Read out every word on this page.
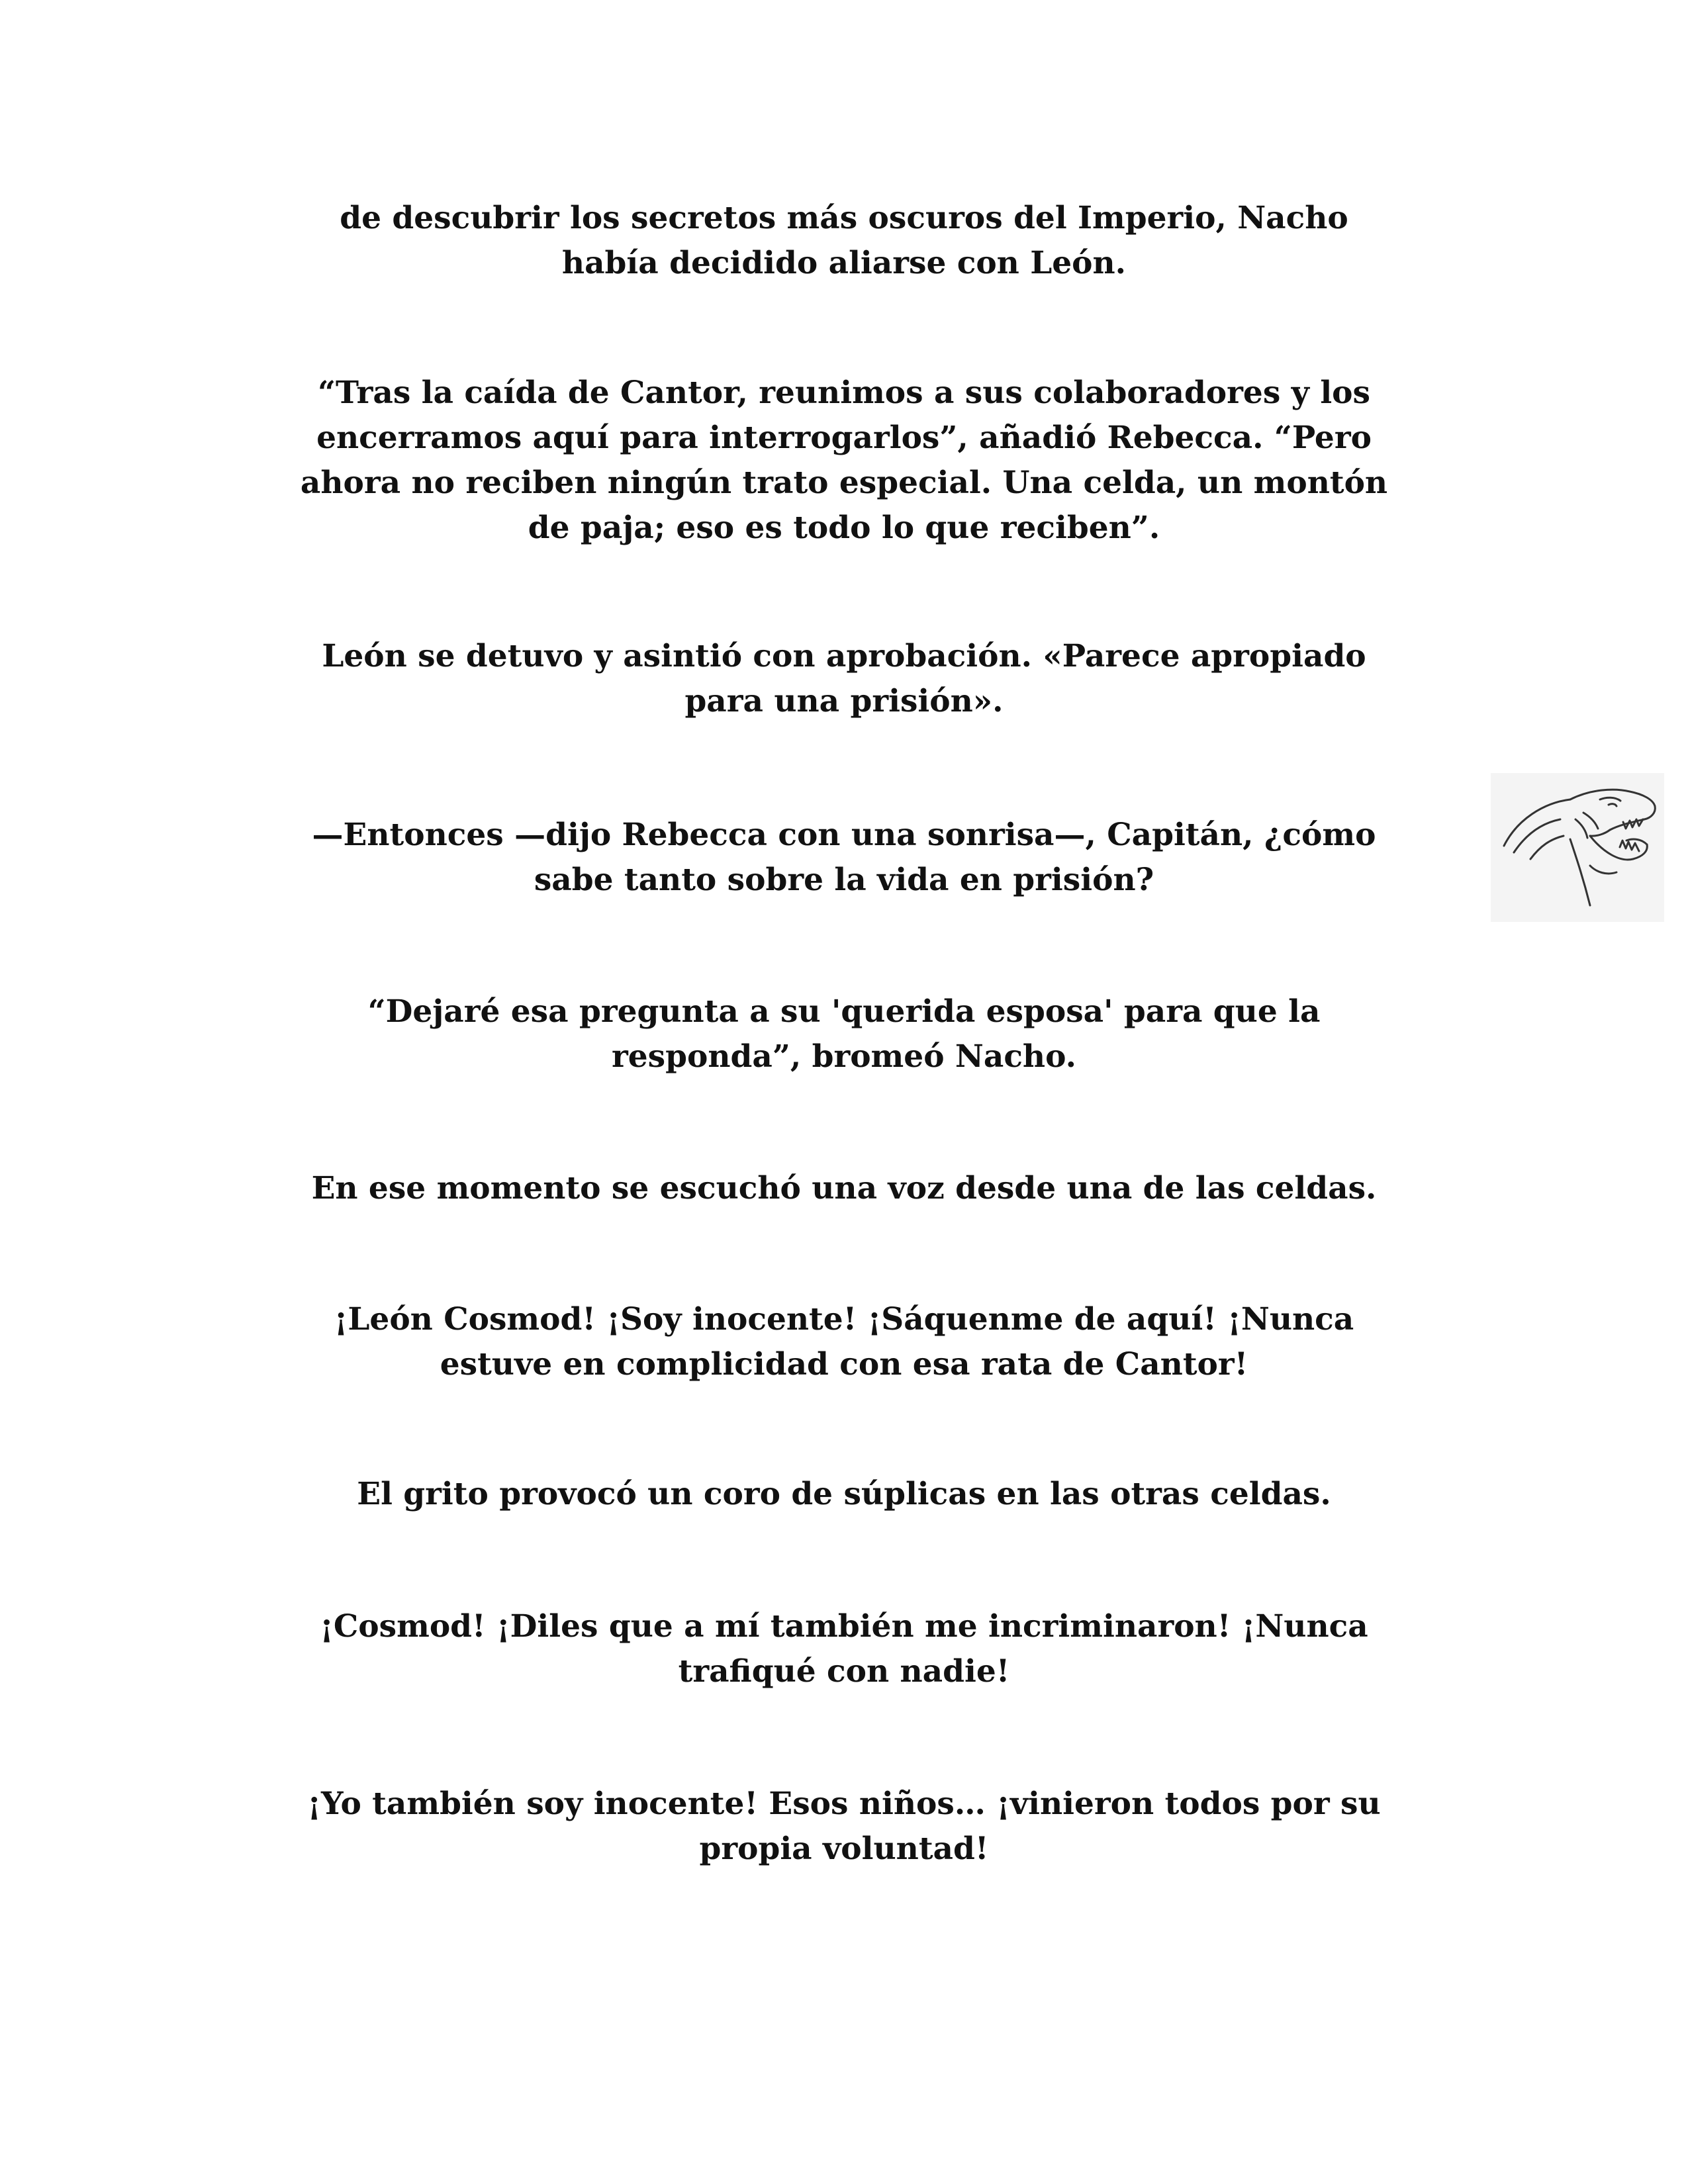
de descubrir los secretos más oscuros del Imperio, Nacho
había decidido aliarse con León.

“Tras la caída de Cantor, reunimos a sus colaboradores y los
encerramos aquí para interrogarlos”, añadió Rebecca. “Pero
ahora no reciben ningún trato especial. Una celda, un montón
de paja; eso es todo lo que reciben”.

León se detuvo y asintió con aprobación. «Parece apropiado
para una prisión».

—Entonces —dijo Rebecca con una sonrisa—, Capitán, ¿cómo
sabe tanto sobre la vida en prisión?

“Dejaré esa pregunta a su 'querida esposa' para que la
responda”, bromeó Nacho.

En ese momento se escuchó una voz desde una de las celdas.

¡León Cosmod! ¡Soy inocente! ¡Sáquenme de aquí! ¡Nunca
estuve en complicidad con esa rata de Cantor!

El grito provocó un coro de súplicas en las otras celdas.

¡Cosmod! ¡Diles que a mí también me incriminaron! ¡Nunca
trafiqué con nadie!

¡Yo también soy inocente! Esos niños… ¡vinieron todos por su
propia voluntad!
